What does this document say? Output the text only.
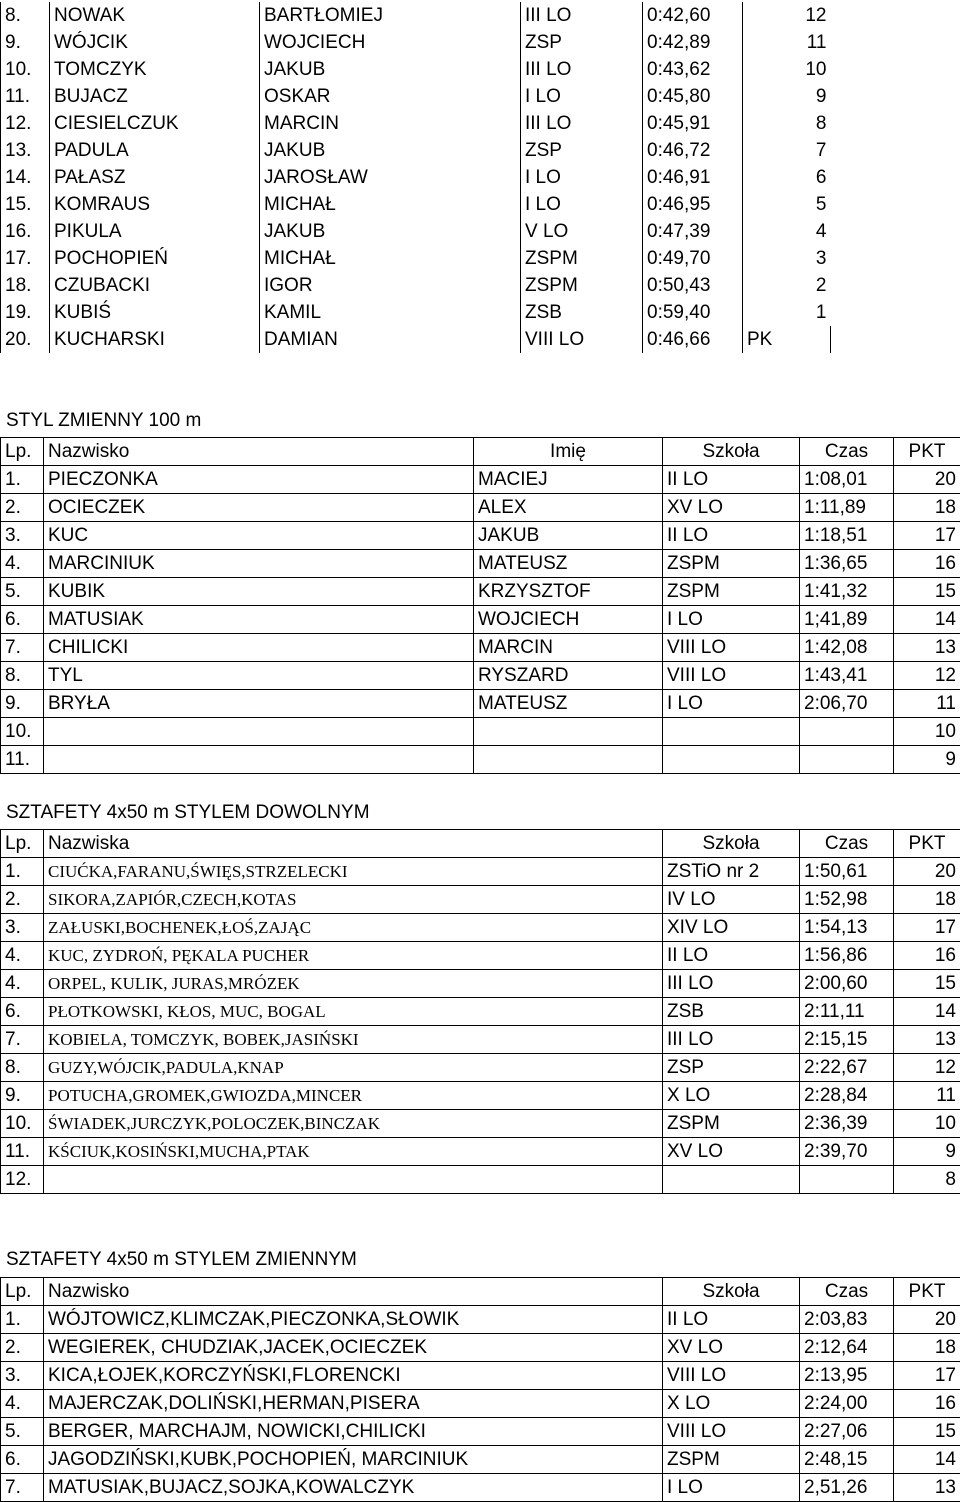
8.	NOWAK	BARTŁOMIEJ	III LO	0:42,60	12
9.	WÓJCIK	WOJCIECH	ZSP	0:42,89	11
10.	TOMCZYK	JAKUB	III LO	0:43,62	10
11.	BUJACZ	OSKAR	I LO	0:45,80	9
12.	CIESIELCZUK	MARCIN	III LO	0:45,91	8
13.	PADULA	JAKUB	ZSP	0:46,72	7
14.	PAŁASZ	JAROSŁAW	I LO	0:46,91	6
15.	KOMRAUS	MICHAŁ	I LO	0:46,95	5
16.	PIKULA	JAKUB	V LO	0:47,39	4
17.	POCHOPIEŃ	MICHAŁ	ZSPM	0:49,70	3
18.	CZUBACKI	IGOR	ZSPM	0:50,43	2
19.	KUBIŚ	KAMIL	ZSB	0:59,40	1
20.	KUCHARSKI	DAMIAN	VIII LO	0:46,66	PK
STYL ZMIENNY 100 m
Lp.	Nazwisko	Imię	Szkoła	Czas	PKT
1.	PIECZONKA	MACIEJ	II LO	1:08,01	20
2.	OCIECZEK	ALEX	XV LO	1:11,89	18
3.	KUC	JAKUB	II LO	1:18,51	17
4.	MARCINIUK	MATEUSZ	ZSPM	1:36,65	16
5.	KUBIK	KRZYSZTOF	ZSPM	1:41,32	15
6.	MATUSIAK	WOJCIECH	I LO	1;41,89	14
7.	CHILICKI	MARCIN	VIII LO	1:42,08	13
8.	TYL	RYSZARD	VIII LO	1:43,41	12
9.	BRYŁA	MATEUSZ	I LO	2:06,70	11
10.					10
11.					9
SZTAFETY 4x50 m STYLEM DOWOLNYM
Lp.	Nazwiska	Szkoła	Czas	PKT
1.	CIUĆKA,FARANU,ŚWIĘS,STRZELECKI	ZSTiO nr 2	1:50,61	20
2.	SIKORA,ZAPIÓR,CZECH,KOTAS	IV LO	1:52,98	18
3.	ZAŁUSKI,BOCHENEK,ŁOŚ,ZAJĄC	XIV LO	1:54,13	17
4.	KUC, ZYDROŃ, PĘKALA PUCHER	II LO	1:56,86	16
4.	ORPEL, KULIK, JURAS,MRÓZEK	III LO	2:00,60	15
6.	PŁOTKOWSKI, KŁOS, MUC, BOGAL	ZSB	2:11,11	14
7.	KOBIELA, TOMCZYK, BOBEK,JASIŃSKI	III LO	2:15,15	13
8.	GUZY,WÓJCIK,PADULA,KNAP	ZSP	2:22,67	12
9.	POTUCHA,GROMEK,GWIOZDA,MINCER	X LO	2:28,84	11
10.	ŚWIADEK,JURCZYK,POLOCZEK,BINCZAK	ZSPM	2:36,39	10
11.	KŚCIUK,KOSIŃSKI,MUCHA,PTAK	XV LO	2:39,70	9
12.				8
SZTAFETY 4x50 m STYLEM ZMIENNYM
Lp.	Nazwisko	Szkoła	Czas	PKT
1.	WÓJTOWICZ,KLIMCZAK,PIECZONKA,SŁOWIK	II LO	2:03,83	20
2.	WEGIEREK, CHUDZIAK,JACEK,OCIECZEK	XV LO	2:12,64	18
3.	KICA,ŁOJEK,KORCZYŃSKI,FLORENCKI	VIII LO	2:13,95	17
4.	MAJERCZAK,DOLIŃSKI,HERMAN,PISERA	X LO	2:24,00	16
5.	BERGER, MARCHAJM, NOWICKI,CHILICKI	VIII LO	2:27,06	15
6.	JAGODZIŃSKI,KUBK,POCHOPIEŃ, MARCINIUK	ZSPM	2:48,15	14
7.	MATUSIAK,BUJACZ,SOJKA,KOWALCZYK	I LO	2,51,26	13
